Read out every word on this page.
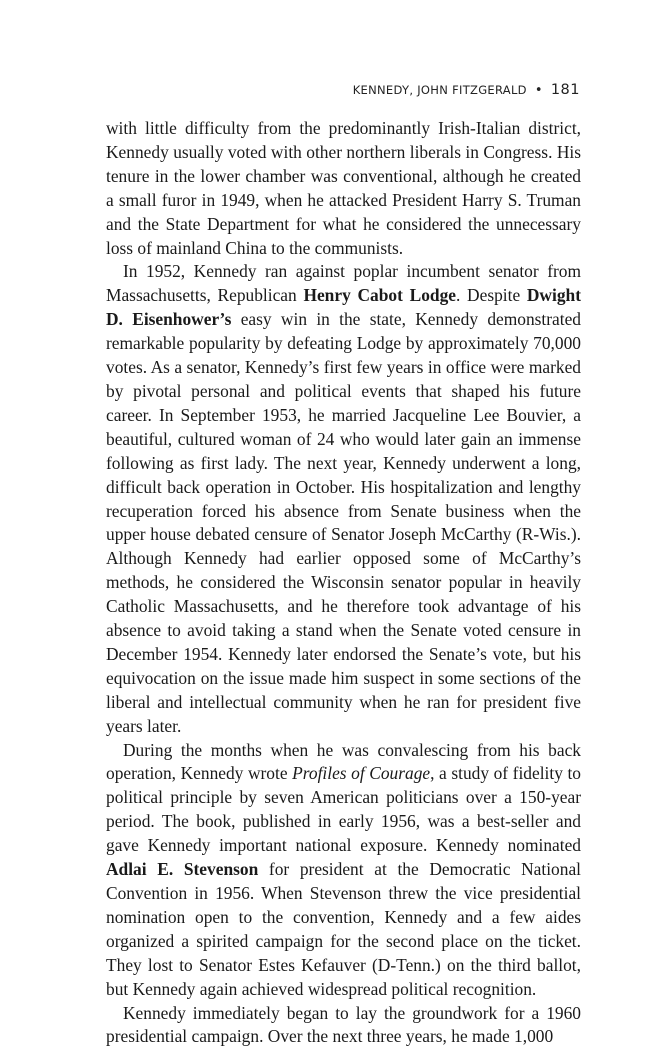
KENNEDY, JOHN FITZGERALD • 181

with little difficulty from the predominantly Irish-Italian district, Kennedy usually voted with other northern liberals in Congress. His tenure in the lower chamber was conventional, although he created a small furor in 1949, when he attacked President Harry S. Truman and the State Department for what he considered the unnecessary loss of mainland China to the communists.

In 1952, Kennedy ran against poplar incumbent senator from Massachusetts, Republican Henry Cabot Lodge. Despite Dwight D. Eisenhower’s easy win in the state, Kennedy demonstrated remarkable popularity by defeating Lodge by approximately 70,000 votes. As a senator, Kennedy’s first few years in office were marked by pivotal personal and political events that shaped his future career. In September 1953, he married Jacqueline Lee Bouvier, a beautiful, cultured woman of 24 who would later gain an immense following as first lady. The next year, Kennedy underwent a long, difficult back operation in October. His hospitalization and lengthy recuperation forced his absence from Senate business when the upper house debated censure of Senator Joseph McCarthy (R-Wis.). Although Kennedy had earlier opposed some of McCarthy’s methods, he considered the Wisconsin senator popular in heavily Catholic Massachusetts, and he therefore took advantage of his absence to avoid taking a stand when the Senate voted censure in December 1954. Kennedy later endorsed the Senate’s vote, but his equivocation on the issue made him suspect in some sections of the liberal and intellectual community when he ran for president five years later.

During the months when he was convalescing from his back operation, Kennedy wrote Profiles of Courage, a study of fidelity to political principle by seven American politicians over a 150-year period. The book, published in early 1956, was a best-seller and gave Kennedy important national exposure. Kennedy nominated Adlai E. Stevenson for president at the Democratic National Convention in 1956. When Stevenson threw the vice presidential nomination open to the convention, Kennedy and a few aides organized a spirited campaign for the second place on the ticket. They lost to Senator Estes Kefauver (D-Tenn.) on the third ballot, but Kennedy again achieved widespread political recognition.

Kennedy immediately began to lay the groundwork for a 1960 presidential campaign. Over the next three years, he made 1,000
